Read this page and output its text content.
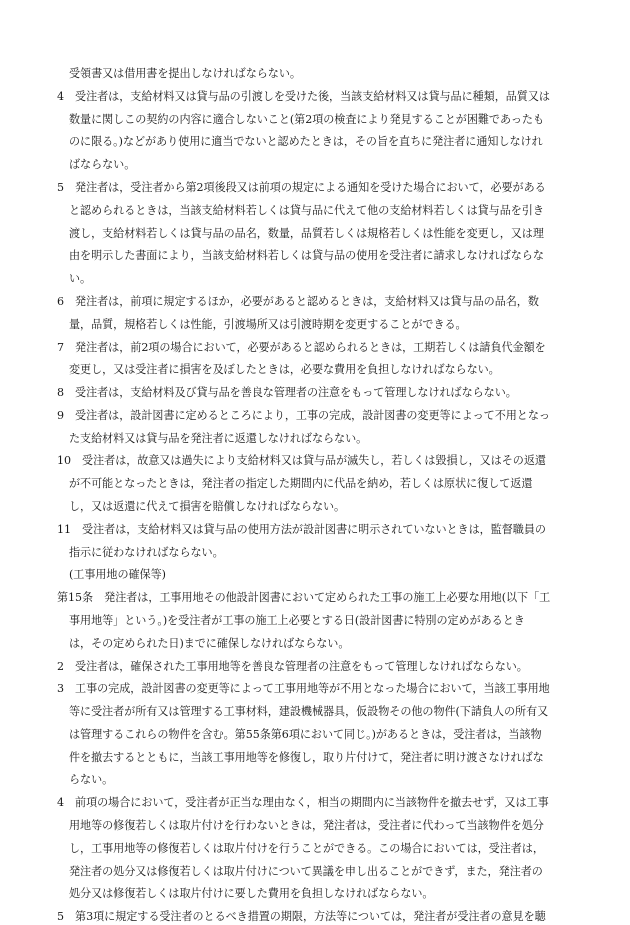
受領書又は借用書を提出しなければならない。
4　受注者は，支給材料又は貸与品の引渡しを受けた後，当該支給材料又は貸与品に種類，品質又は
数量に関しこの契約の内容に適合しないこと(第2項の検査により発見することが困難であったも
のに限る。)などがあり使用に適当でないと認めたときは，その旨を直ちに発注者に通知しなけれ
ばならない。
5　発注者は，受注者から第2項後段又は前項の規定による通知を受けた場合において，必要がある
と認められるときは，当該支給材料若しくは貸与品に代えて他の支給材料若しくは貸与品を引き
渡し，支給材料若しくは貸与品の品名，数量，品質若しくは規格若しくは性能を変更し，又は理
由を明示した書面により，当該支給材料若しくは貸与品の使用を受注者に請求しなければならな
い。
6　発注者は，前項に規定するほか，必要があると認めるときは，支給材料又は貸与品の品名，数
量，品質，規格若しくは性能，引渡場所又は引渡時期を変更することができる。
7　発注者は，前2項の場合において，必要があると認められるときは，工期若しくは請負代金額を
変更し，又は受注者に損害を及ぼしたときは，必要な費用を負担しなければならない。
8　受注者は，支給材料及び貸与品を善良な管理者の注意をもって管理しなければならない。
9　受注者は，設計図書に定めるところにより，工事の完成，設計図書の変更等によって不用となっ
た支給材料又は貸与品を発注者に返還しなければならない。
10　受注者は，故意又は過失により支給材料又は貸与品が滅失し，若しくは毀損し，又はその返還
が不可能となったときは，発注者の指定した期間内に代品を納め，若しくは原状に復して返還
し，又は返還に代えて損害を賠償しなければならない。
11　受注者は，支給材料又は貸与品の使用方法が設計図書に明示されていないときは，監督職員の
指示に従わなければならない。
(工事用地の確保等)
第15条　発注者は，工事用地その他設計図書において定められた工事の施工上必要な用地(以下「工
事用地等」という。)を受注者が工事の施工上必要とする日(設計図書に特別の定めがあるとき
は，その定められた日)までに確保しなければならない。
2　受注者は，確保された工事用地等を善良な管理者の注意をもって管理しなければならない。
3　工事の完成，設計図書の変更等によって工事用地等が不用となった場合において，当該工事用地
等に受注者が所有又は管理する工事材料，建設機械器具，仮設物その他の物件(下請負人の所有又
は管理するこれらの物件を含む。第55条第6項において同じ。)があるときは，受注者は，当該物
件を撤去するとともに，当該工事用地等を修復し，取り片付けて，発注者に明け渡さなければな
らない。
4　前項の場合において，受注者が正当な理由なく，相当の期間内に当該物件を撤去せず，又は工事
用地等の修復若しくは取片付けを行わないときは，発注者は，受注者に代わって当該物件を処分
し，工事用地等の修復若しくは取片付けを行うことができる。この場合においては，受注者は，
発注者の処分又は修復若しくは取片付けについて異議を申し出ることができず，また，発注者の
処分又は修復若しくは取片付けに要した費用を負担しなければならない。
5　第3項に規定する受注者のとるべき措置の期限，方法等については，発注者が受注者の意見を聴
